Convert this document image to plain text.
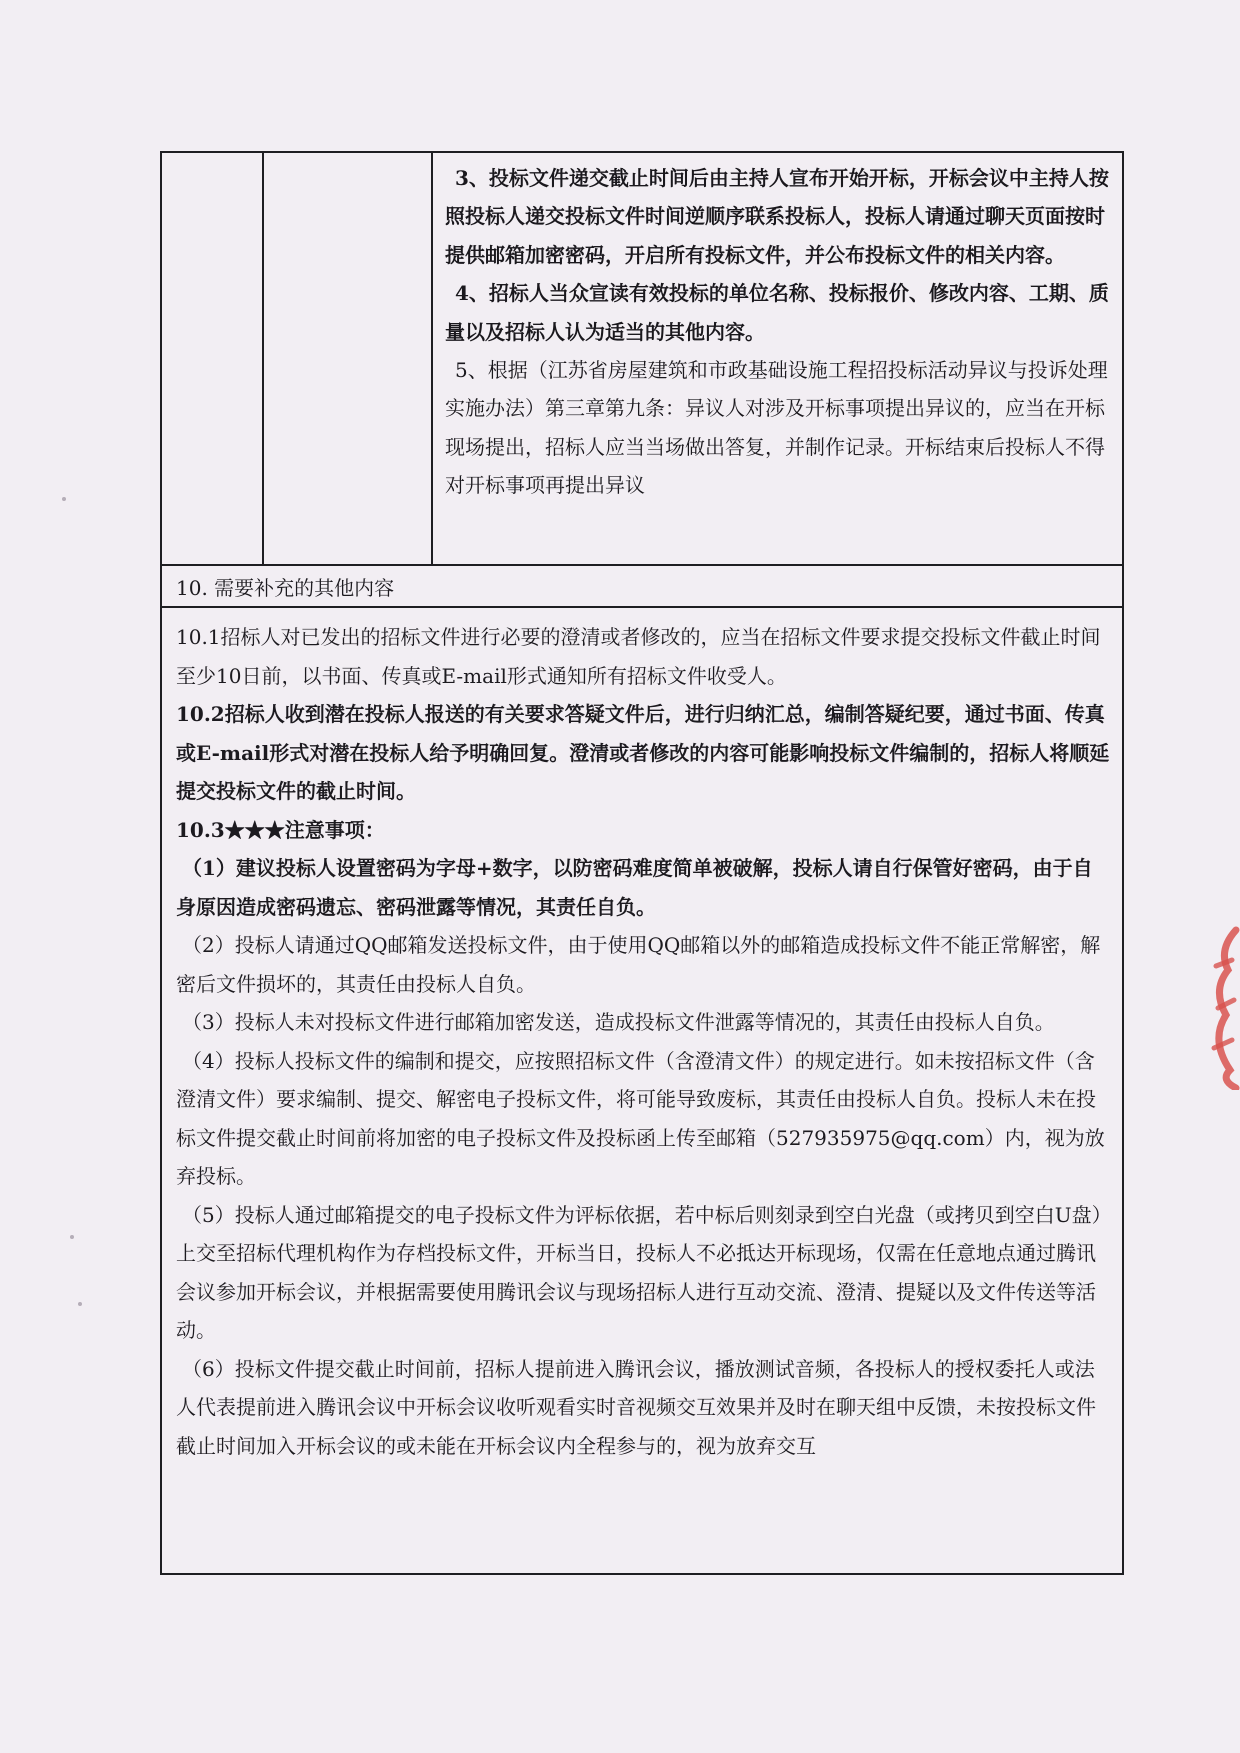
3、投标文件递交截止时间后由主持人宣布开始开标，开标会议中主持人按照投标人递交投标文件时间逆顺序联系投标人，投标人请通过聊天页面按时提供邮箱加密密码，开启所有投标文件，并公布投标文件的相关内容。

4、招标人当众宣读有效投标的单位名称、投标报价、修改内容、工期、质量以及招标人认为适当的其他内容。

5、根据（江苏省房屋建筑和市政基础设施工程招投标活动异议与投诉处理实施办法）第三章第九条：异议人对涉及开标事项提出异议的，应当在开标现场提出，招标人应当当场做出答复，并制作记录。开标结束后投标人不得对开标事项再提出异议

10. 需要补充的其他内容

10.1招标人对已发出的招标文件进行必要的澄清或者修改的，应当在招标文件要求提交投标文件截止时间至少10日前，以书面、传真或E-mail形式通知所有招标文件收受人。

10.2招标人收到潜在投标人报送的有关要求答疑文件后，进行归纳汇总，编制答疑纪要，通过书面、传真或E-mail形式对潜在投标人给予明确回复。澄清或者修改的内容可能影响投标文件编制的，招标人将顺延提交投标文件的截止时间。

10.3★★★注意事项：

（1）建议投标人设置密码为字母+数字，以防密码难度简单被破解，投标人请自行保管好密码，由于自身原因造成密码遗忘、密码泄露等情况，其责任自负。

（2）投标人请通过QQ邮箱发送投标文件，由于使用QQ邮箱以外的邮箱造成投标文件不能正常解密，解密后文件损坏的，其责任由投标人自负。

（3）投标人未对投标文件进行邮箱加密发送，造成投标文件泄露等情况的，其责任由投标人自负。

（4）投标人投标文件的编制和提交，应按照招标文件（含澄清文件）的规定进行。如未按招标文件（含澄清文件）要求编制、提交、解密电子投标文件，将可能导致废标，其责任由投标人自负。投标人未在投标文件提交截止时间前将加密的电子投标文件及投标函上传至邮箱（527935975@qq.com）内，视为放弃投标。

（5）投标人通过邮箱提交的电子投标文件为评标依据，若中标后则刻录到空白光盘（或拷贝到空白U盘）上交至招标代理机构作为存档投标文件，开标当日，投标人不必抵达开标现场，仅需在任意地点通过腾讯会议参加开标会议，并根据需要使用腾讯会议与现场招标人进行互动交流、澄清、提疑以及文件传送等活动。

（6）投标文件提交截止时间前，招标人提前进入腾讯会议，播放测试音频，各投标人的授权委托人或法人代表提前进入腾讯会议中开标会议收听观看实时音视频交互效果并及时在聊天组中反馈，未按投标文件截止时间加入开标会议的或未能在开标会议内全程参与的，视为放弃交互
